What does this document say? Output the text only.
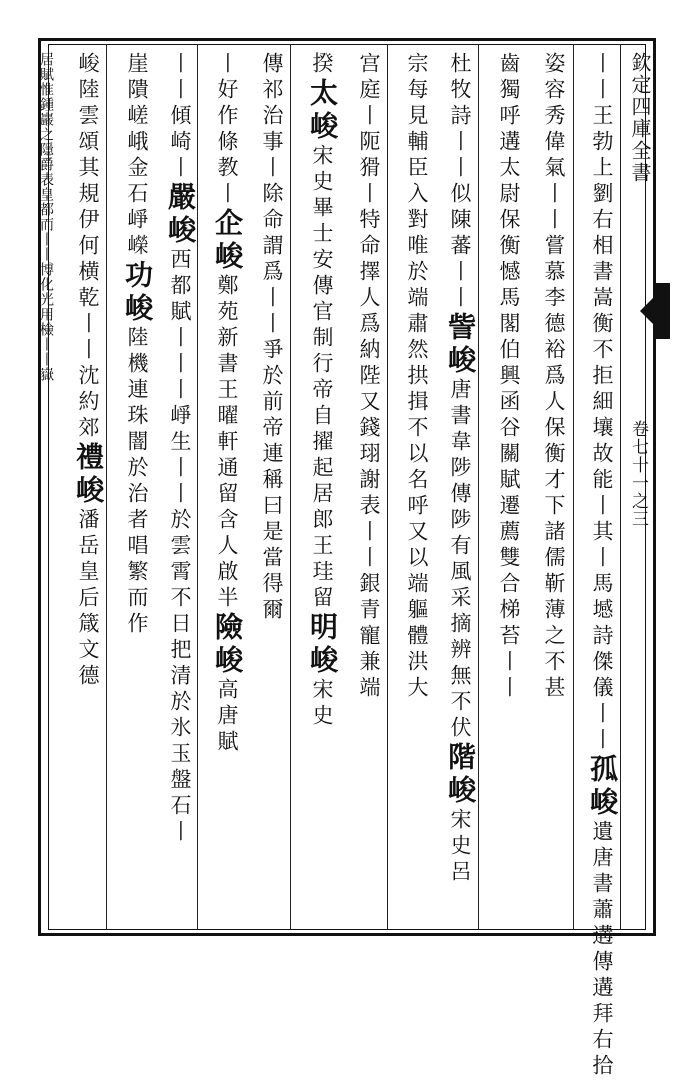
欽定四庫全書
卷七十一之三
丨丨王勃上劉右相書嵩衡不拒細壤故能丨其丨馬㙳詩傑儀丨丨孤峻遺唐書蕭遘傳遘拜右拾
姿容秀偉氣丨丨嘗慕李德裕爲人保衡才下諸儒靳薄之不甚
齒獨呼遘太尉保衡憾馬閣伯興函谷關賦遷薦雙合梯苔丨丨
杜牧詩丨丨似陳蕃丨丨訾峻唐書韋陟傳陟有風采摘辨無不伏階峻宋史呂
宗每見輔臣入對唯於端肅然拱揖不以名呼又以端軀體洪大
宫庭丨阨猾丨特命擇人爲納陛又錢珝謝表丨丨銀青寵兼端
揆太峻宋史畢士安傳官制行帝自擢起居郎王珪留明峻宋史
傳祁治事丨除命謂爲丨丨爭於前帝連稱曰是當得爾
丨好作條教丨企峻鄭苑新書王曜軒通留含人啟半險峻高唐賦
丨丨傾崎丨嚴峻西都賦丨丨丨崢生丨丨於雲霄不日把清於氷玉盤石丨
崖隤嵯峨金石崢嶸功峻陸機連珠闇於治者唱繁而作
峻陸雲頌其規伊何横乾丨丨沈約郊禮峻潘岳皇后箴文德
居賦惟鍾巖之隱爵表皇都而丨丨博化光用檢丨丨嶽
